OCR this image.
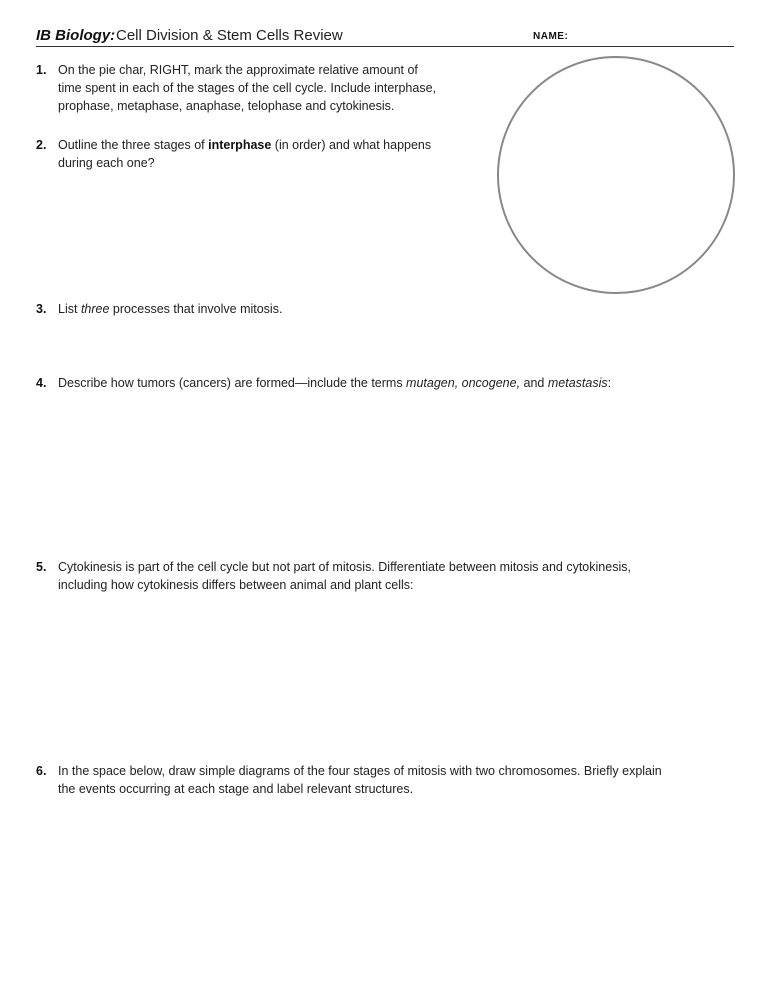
IB Biology: Cell Division & Stem Cells Review	NAME:
1. On the pie char, RIGHT, mark the approximate relative amount of
time spent in each of the stages of the cell cycle. Include interphase,
prophase, metaphase, anaphase, telophase and cytokinesis.
2. Outline the three stages of interphase (in order) and what happens
during each one?
3. List three processes that involve mitosis.
4. Describe how tumors (cancers) are formed—include the terms mutagen, oncogene, and metastasis:
5. Cytokinesis is part of the cell cycle but not part of mitosis. Differentiate between mitosis and cytokinesis,
including how cytokinesis differs between animal and plant cells:
6. In the space below, draw simple diagrams of the four stages of mitosis with two chromosomes. Briefly explain
the events occurring at each stage and label relevant structures.
